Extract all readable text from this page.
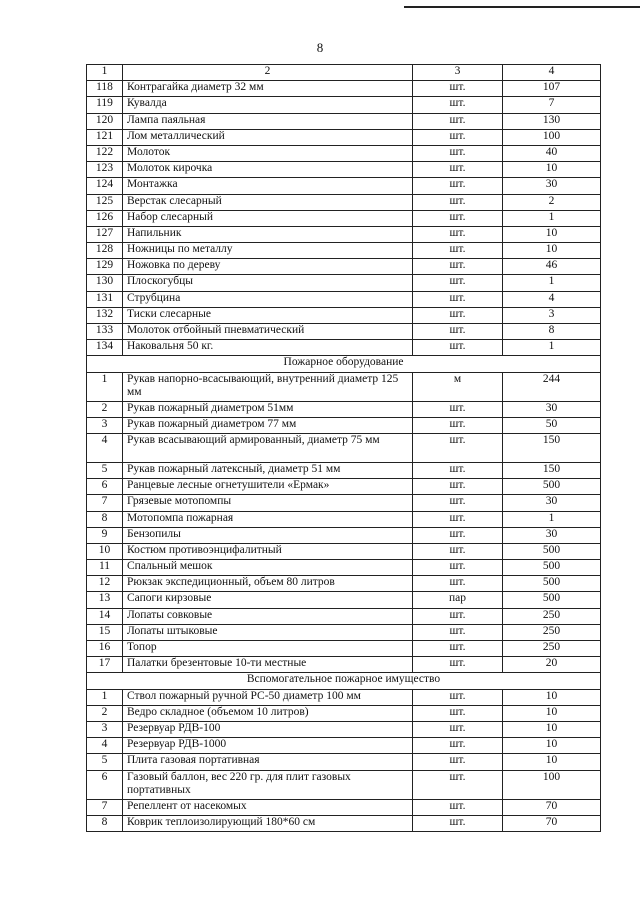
8
1	2	3	4
118	Контрагайка диаметр 32 мм	шт.	107
119	Кувалда	шт.	7
120	Лампа паяльная	шт.	130
121	Лом металлический	шт.	100
122	Молоток	шт.	40
123	Молоток кирочка	шт.	10
124	Монтажка	шт.	30
125	Верстак слесарный	шт.	2
126	Набор слесарный	шт.	1
127	Напильник	шт.	10
128	Ножницы по металлу	шт.	10
129	Ножовка по дереву	шт.	46
130	Плоскогубцы	шт.	1
131	Струбцина	шт.	4
132	Тиски слесарные	шт.	3
133	Молоток отбойный пневматический	шт.	8
134	Наковальня 50 кг.	шт.	1
Пожарное оборудование			
1	Рукав напорно-всасывающий, внутренний диаметр 125 мм	м	244
2	Рукав пожарный диаметром 51мм	шт.	30
3	Рукав пожарный диаметром 77 мм	шт.	50
4	Рукав всасывающий армированный, диаметр 75 мм	шт.	150
5	Рукав пожарный латексный, диаметр 51 мм	шт.	150
6	Ранцевые лесные огнетушители «Ермак»	шт.	500
7	Грязевые мотопомпы	шт.	30
8	Мотопомпа пожарная	шт.	1
9	Бензопилы	шт.	30
10	Костюм противоэнцифалитный	шт.	500
11	Спальный мешок	шт.	500
12	Рюкзак экспедиционный, объем 80 литров	шт.	500
13	Сапоги кирзовые	пар	500
14	Лопаты совковые	шт.	250
15	Лопаты штыковые	шт.	250
16	Топор	шт.	250
17	Палатки брезентовые 10-ти местные	шт.	20
Вспомогательное пожарное имущество			
1	Ствол пожарный ручной РС-50 диаметр 100 мм	шт.	10
2	Ведро складное (объемом 10 литров)	шт.	10
3	Резервуар РДВ-100	шт.	10
4	Резервуар РДВ-1000	шт.	10
5	Плита газовая портативная	шт.	10
6	Газовый баллон, вес 220 гр. для плит газовых портативных	шт.	100
7	Репеллент от насекомых	шт.	70
8	Коврик теплоизолирующий 180*60 см	шт.	70
